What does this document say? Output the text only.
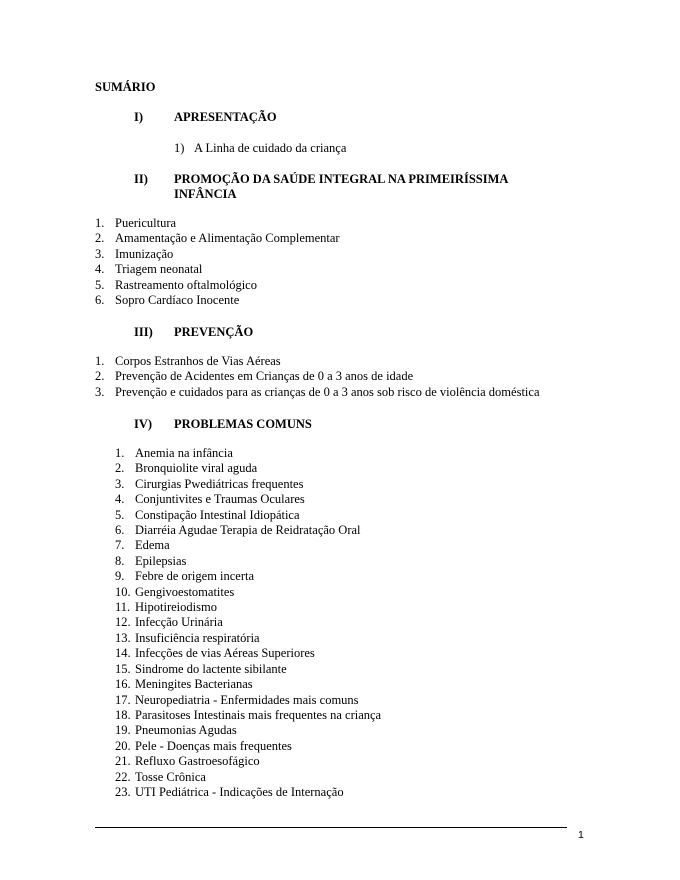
SUMÁRIO
I) APRESENTAÇÃO
1) A Linha de cuidado da criança
II) PROMOÇÃO DA SAÚDE INTEGRAL NA PRIMEIRÍSSIMA
INFÂNCIA
1. Puericultura
2. Amamentação e Alimentação Complementar
3. Imunização
4. Triagem neonatal
5. Rastreamento oftalmológico
6. Sopro Cardíaco Inocente
III) PREVENÇÃO
1. Corpos Estranhos de Vias Aéreas
2. Prevenção de Acidentes em Crianças de 0 a 3 anos de idade
3. Prevenção e cuidados para as crianças de 0 a 3 anos sob risco de violência doméstica
IV) PROBLEMAS COMUNS
1. Anemia na infância
2. Bronquiolite viral aguda
3. Cirurgias Pwediátricas frequentes
4. Conjuntivites e Traumas Oculares
5. Constipação Intestinal Idiopática
6. Diarréia Agudae Terapia de Reidratação Oral
7. Edema
8. Epilepsias
9. Febre de origem incerta
10. Gengivoestomatites
11. Hipotireiodismo
12. Infecção Urinária
13. Insuficiência respiratória
14. Infecções de vias Aéreas Superiores
15. Sindrome do lactente sibilante
16. Meningites Bacterianas
17. Neuropediatria - Enfermidades mais comuns
18. Parasitoses Intestinais mais frequentes na criança
19. Pneumonias Agudas
20. Pele - Doenças mais frequentes
21. Refluxo Gastroesofágico
22. Tosse Crônica
23. UTI Pediátrica - Indicações de Internação
1
